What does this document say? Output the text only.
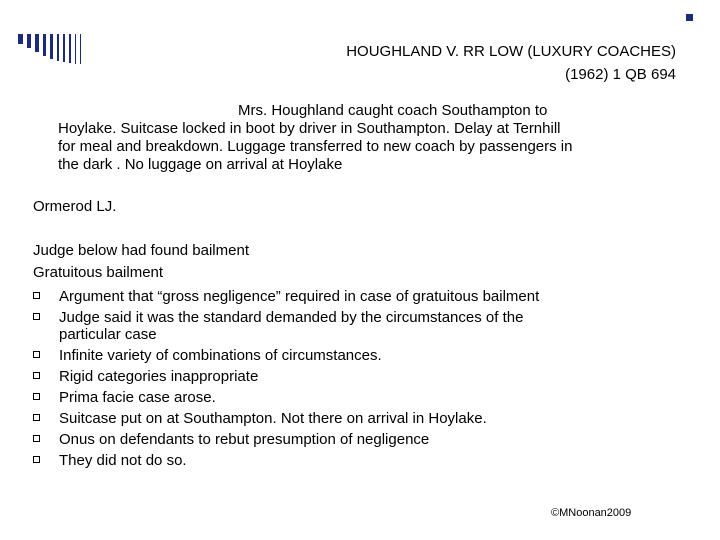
HOUGHLAND V. RR LOW (LUXURY COACHES)
(1962) 1 QB 694
Mrs. Houghland caught coach Southampton to
Hoylake. Suitcase locked in boot by driver in Southampton. Delay at Ternhill
for meal and breakdown. Luggage transferred to new coach by passengers in
the dark . No luggage on arrival at Hoylake
Ormerod LJ.
Judge below had found bailment
Gratuitous bailment
Argument that “gross negligence” required in case of gratuitous bailment
Judge said it was the standard demanded by the circumstances of the
particular case
Infinite variety of combinations of circumstances.
Rigid categories inappropriate
Prima facie case arose.
Suitcase put on at Southampton. Not there on arrival in Hoylake.
Onus on defendants to rebut presumption of negligence
They did not do so.
©MNoonan2009
